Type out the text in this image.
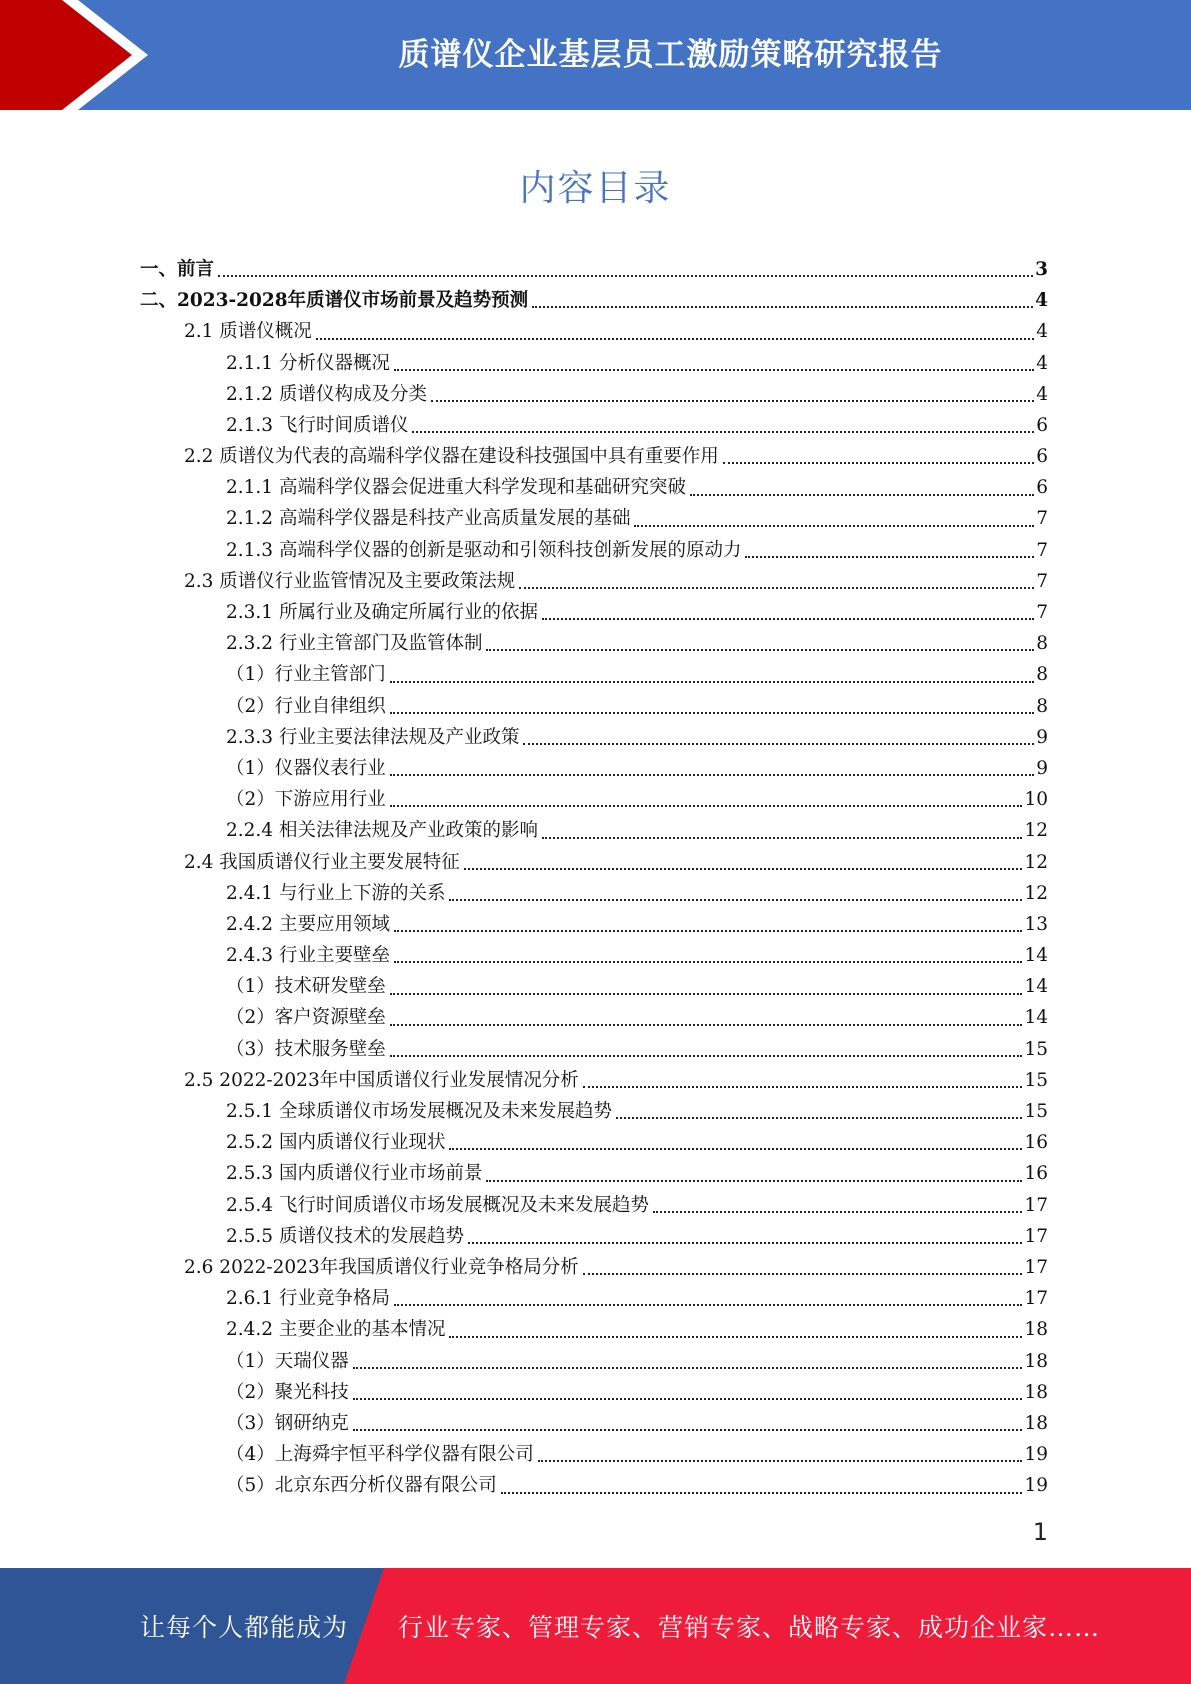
质谱仪企业基层员工激励策略研究报告
内容目录
一、前言	3
二、2023-2028年质谱仪市场前景及趋势预测	4
2.1 质谱仪概况	4
2.1.1 分析仪器概况	4
2.1.2 质谱仪构成及分类	4
2.1.3 飞行时间质谱仪	6
2.2 质谱仪为代表的高端科学仪器在建设科技强国中具有重要作用	6
2.1.1 高端科学仪器会促进重大科学发现和基础研究突破	6
2.1.2 高端科学仪器是科技产业高质量发展的基础	7
2.1.3 高端科学仪器的创新是驱动和引领科技创新发展的原动力	7
2.3 质谱仪行业监管情况及主要政策法规	7
2.3.1 所属行业及确定所属行业的依据	7
2.3.2 行业主管部门及监管体制	8
（1）行业主管部门	8
（2）行业自律组织	8
2.3.3 行业主要法律法规及产业政策	9
（1）仪器仪表行业	9
（2）下游应用行业	10
2.2.4 相关法律法规及产业政策的影响	12
2.4 我国质谱仪行业主要发展特征	12
2.4.1 与行业上下游的关系	12
2.4.2 主要应用领域	13
2.4.3 行业主要壁垒	14
（1）技术研发壁垒	14
（2）客户资源壁垒	14
（3）技术服务壁垒	15
2.5 2022-2023年中国质谱仪行业发展情况分析	15
2.5.1 全球质谱仪市场发展概况及未来发展趋势	15
2.5.2 国内质谱仪行业现状	16
2.5.3 国内质谱仪行业市场前景	16
2.5.4 飞行时间质谱仪市场发展概况及未来发展趋势	17
2.5.5 质谱仪技术的发展趋势	17
2.6 2022-2023年我国质谱仪行业竞争格局分析	17
2.6.1 行业竞争格局	17
2.4.2 主要企业的基本情况	18
（1）天瑞仪器	18
（2）聚光科技	18
（3）钢研纳克	18
（4）上海舜宇恒平科学仪器有限公司	19
（5）北京东西分析仪器有限公司	19
1
让每个人都能成为 行业专家、管理专家、营销专家、战略专家、成功企业家……
